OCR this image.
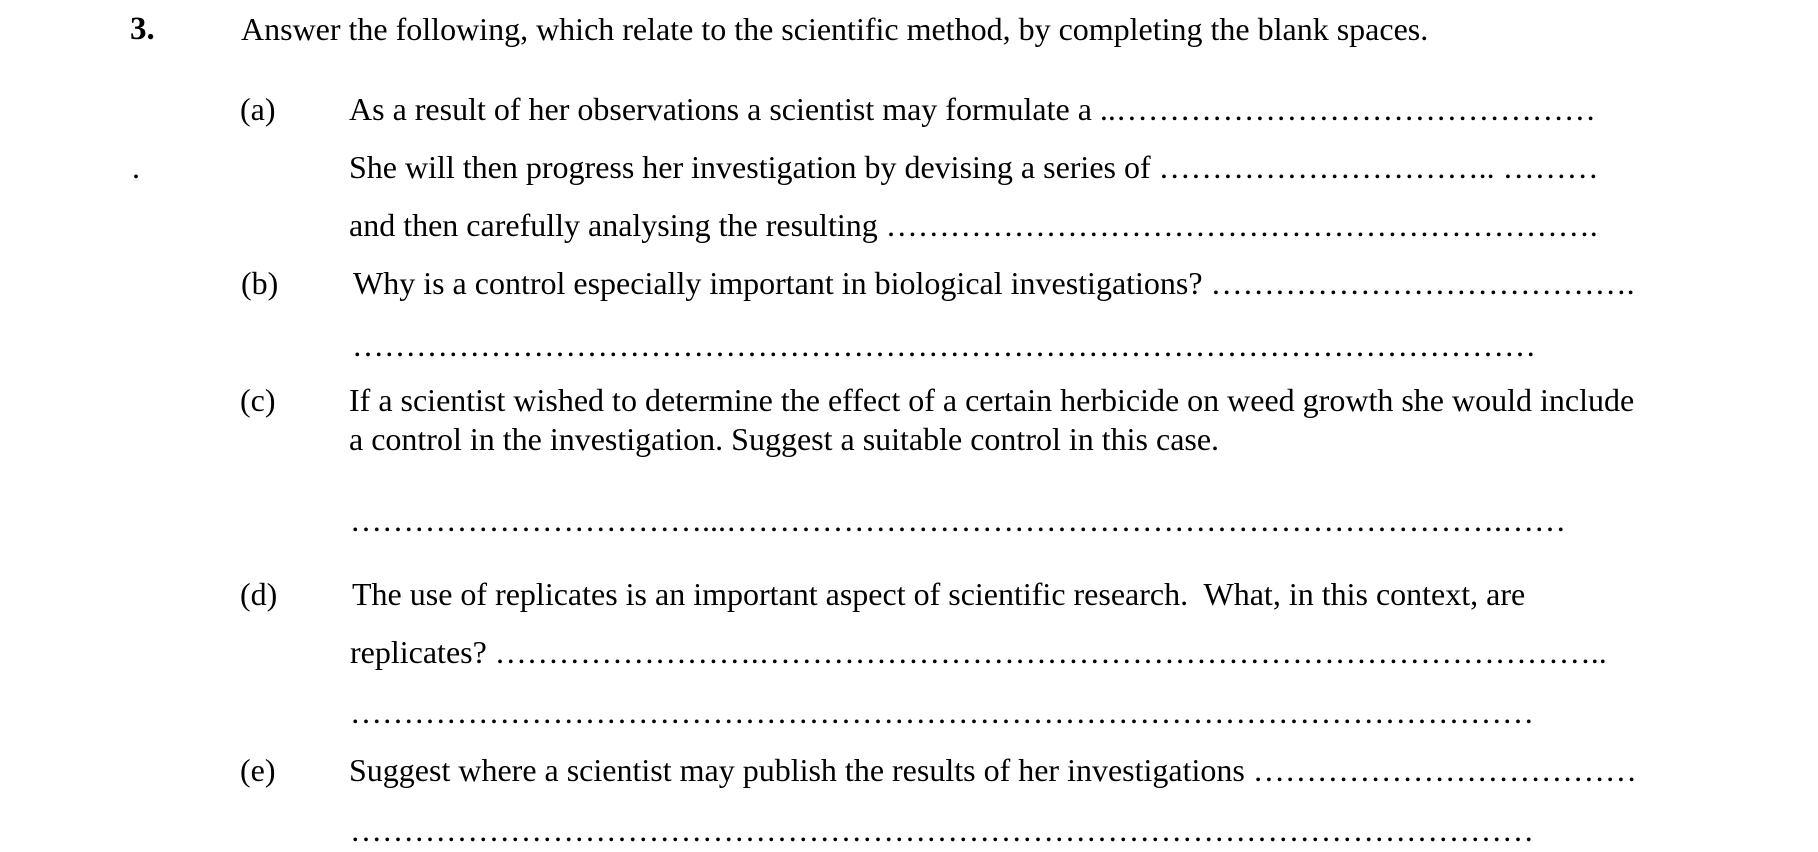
3.	Answer the following, which relate to the scientific method, by completing the blank spaces.
(a) As a result of her observations a scientist may formulate a ..………………………………………
.	She will then progress her investigation by devising a series of ………………………….. ………
and then carefully analysing the resulting ………………………………………………………….
(b) Why is a control especially important in biological investigations? ………………………………….
…………………………………………………………………………………………………
(c) If a scientist wished to determine the effect of a certain herbicide on weed growth she would include
a control in the investigation. Suggest a suitable control in this case.
……………………………...……………………………………………………………….……
(d) The use of replicates is an important aspect of scientific research.  What, in this context, are
replicates? …………………….……………………………………………………………………..
…………………………………………………………………………………………………
(e) Suggest where a scientist may publish the results of her investigations ………………………………
…………………………………………………………………………………………………
